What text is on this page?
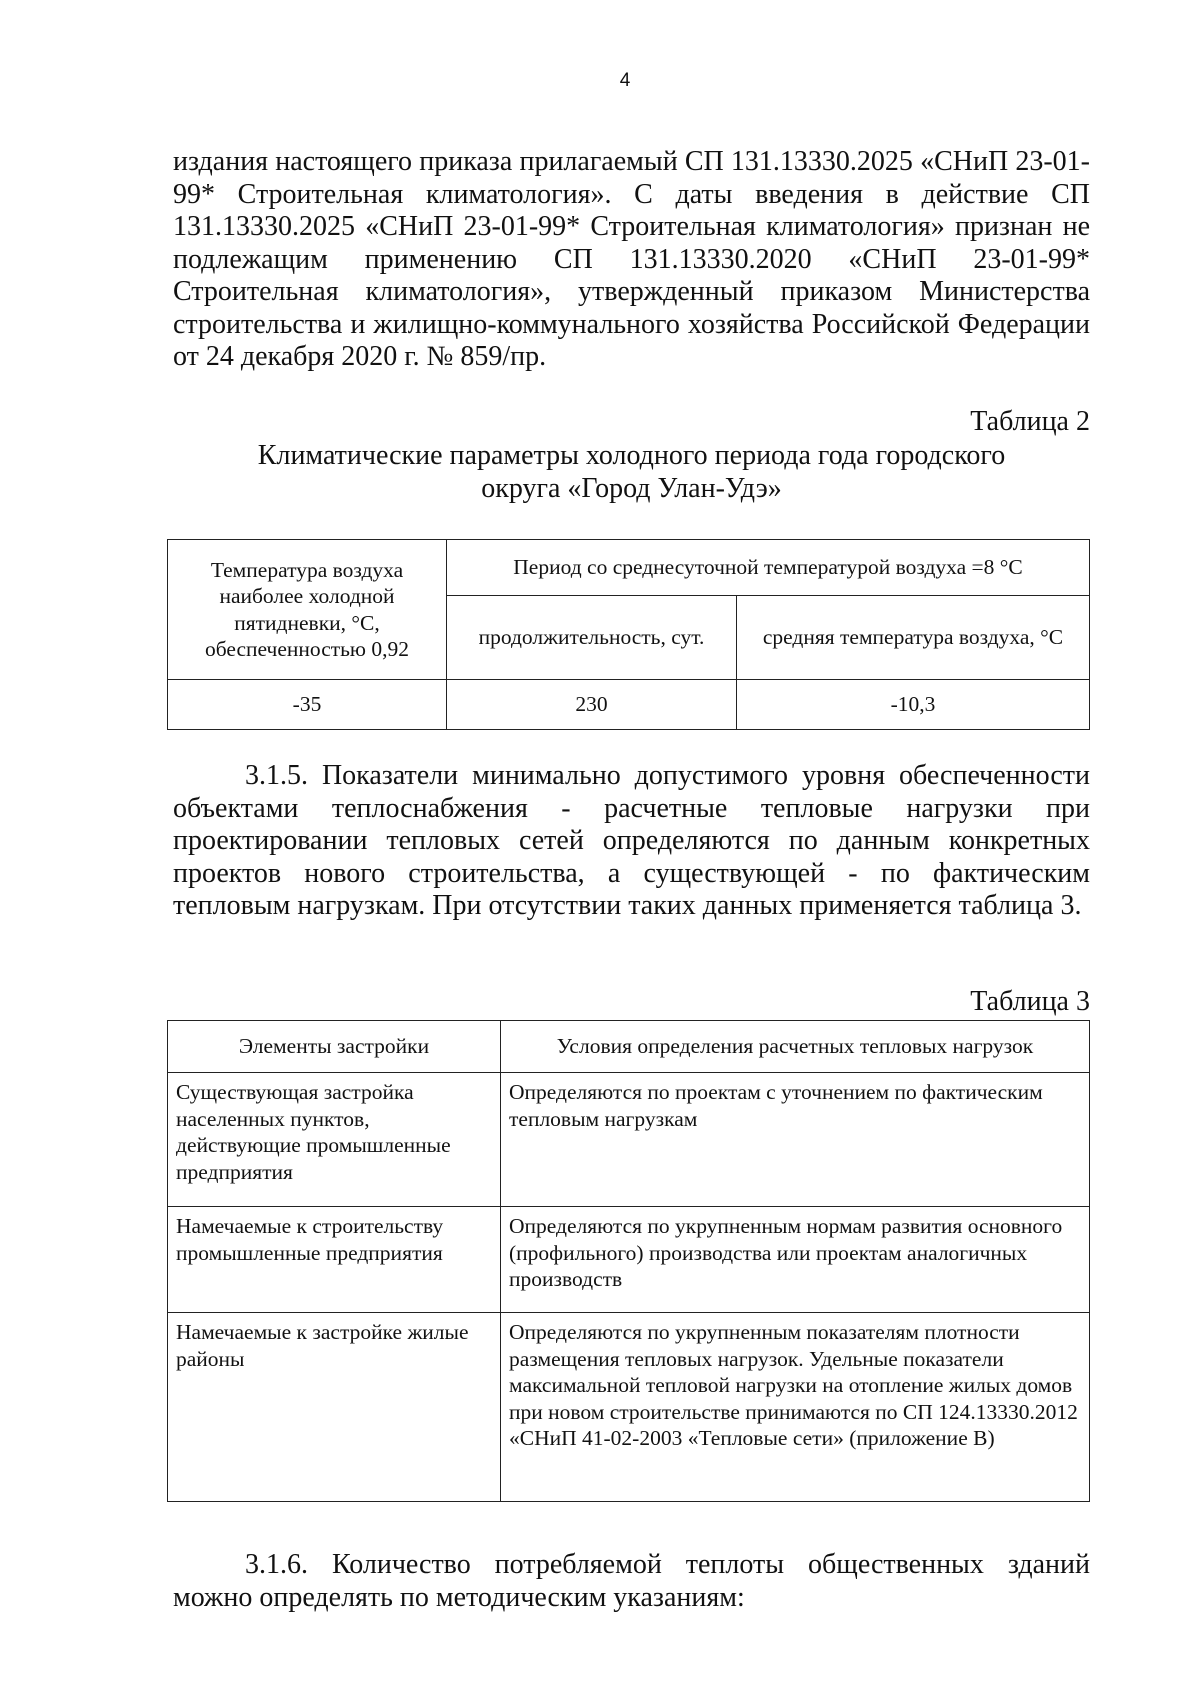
4

издания настоящего приказа прилагаемый СП 131.13330.2025 «СНиП 23-01-99* Строительная климатология». С даты введения в действие СП 131.13330.2025 «СНиП 23-01-99* Строительная климатология» признан не подлежащим применению СП 131.13330.2020 «СНиП 23-01-99* Строительная климатология», утвержденный приказом Министерства строительства и жилищно-коммунального хозяйства Российской Федерации от 24 декабря 2020 г. № 859/пр.

Таблица 2
Климатические параметры холодного периода года городского
округа «Город Улан-Удэ»
Температура воздуха наиболее холодной пятидневки, °С, обеспеченностью 0,92	Период со среднесуточной температурой воздуха =8 °С	
	продолжительность, сут.	средняя температура воздуха, °С
-35	230	-10,3

3.1.5. Показатели минимально допустимого уровня обеспеченности объектами теплоснабжения - расчетные тепловые нагрузки при проектировании тепловых сетей определяются по данным конкретных проектов нового строительства, а существующей - по фактическим тепловым нагрузкам. При отсутствии таких данных применяется таблица 3.

Таблица 3
Элементы застройки	Условия определения расчетных тепловых нагрузок
Существующая застройка населенных пунктов, действующие промышленные предприятия	Определяются по проектам с уточнением по фактическим тепловым нагрузкам
Намечаемые к строительству промышленные предприятия	Определяются по укрупненным нормам развития основного (профильного) производства или проектам аналогичных производств
Намечаемые к застройке жилые районы	Определяются по укрупненным показателям плотности размещения тепловых нагрузок. Удельные показатели максимальной тепловой нагрузки на отопление жилых домов при новом строительстве принимаются по СП 124.13330.2012 «СНиП 41-02-2003 «Тепловые сети» (приложение В)

3.1.6. Количество потребляемой теплоты общественных зданий можно определять по методическим указаниям:
